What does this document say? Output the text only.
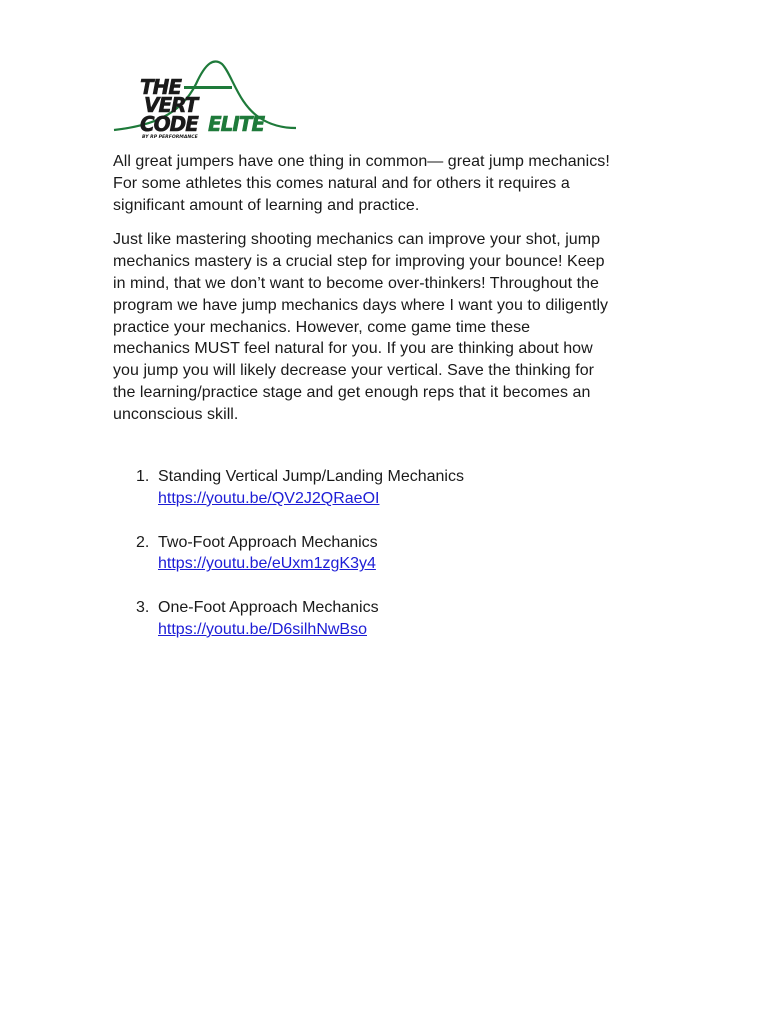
THE
VERT
CODE ELITE
BY RP PERFORMANCE

All great jumpers have one thing in common— great jump mechanics!
For some athletes this comes natural and for others it requires a
significant amount of learning and practice.

Just like mastering shooting mechanics can improve your shot, jump
mechanics mastery is a crucial step for improving your bounce! Keep
in mind, that we don’t want to become over-thinkers! Throughout the
program we have jump mechanics days where I want you to diligently
practice your mechanics. However, come game time these
mechanics MUST feel natural for you. If you are thinking about how
you jump you will likely decrease your vertical. Save the thinking for
the learning/practice stage and get enough reps that it becomes an
unconscious skill.

1. Standing Vertical Jump/Landing Mechanics
https://youtu.be/QV2J2QRaeOI
2. Two-Foot Approach Mechanics
https://youtu.be/eUxm1zgK3y4
3. One-Foot Approach Mechanics
https://youtu.be/D6silhNwBso
